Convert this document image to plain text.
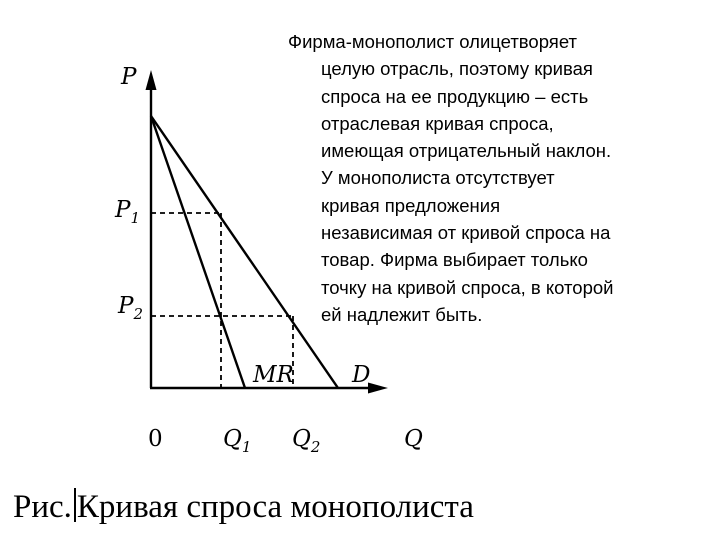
P
$P_1$
$P_2$
MR	D
0	$Q_1$ $Q_2$	Q
Фирма-монополист олицетворяет
целую отрасль, поэтому кривая
спроса на ее продукцию – есть
отраслевая кривая спроса,
имеющая отрицательный наклон.
У монополиста отсутствует
кривая предложения
независимая от кривой спроса на
товар. Фирма выбирает только
точку на кривой спроса, в которой
ей надлежит быть.
Рис. Кривая спроса монополиста
